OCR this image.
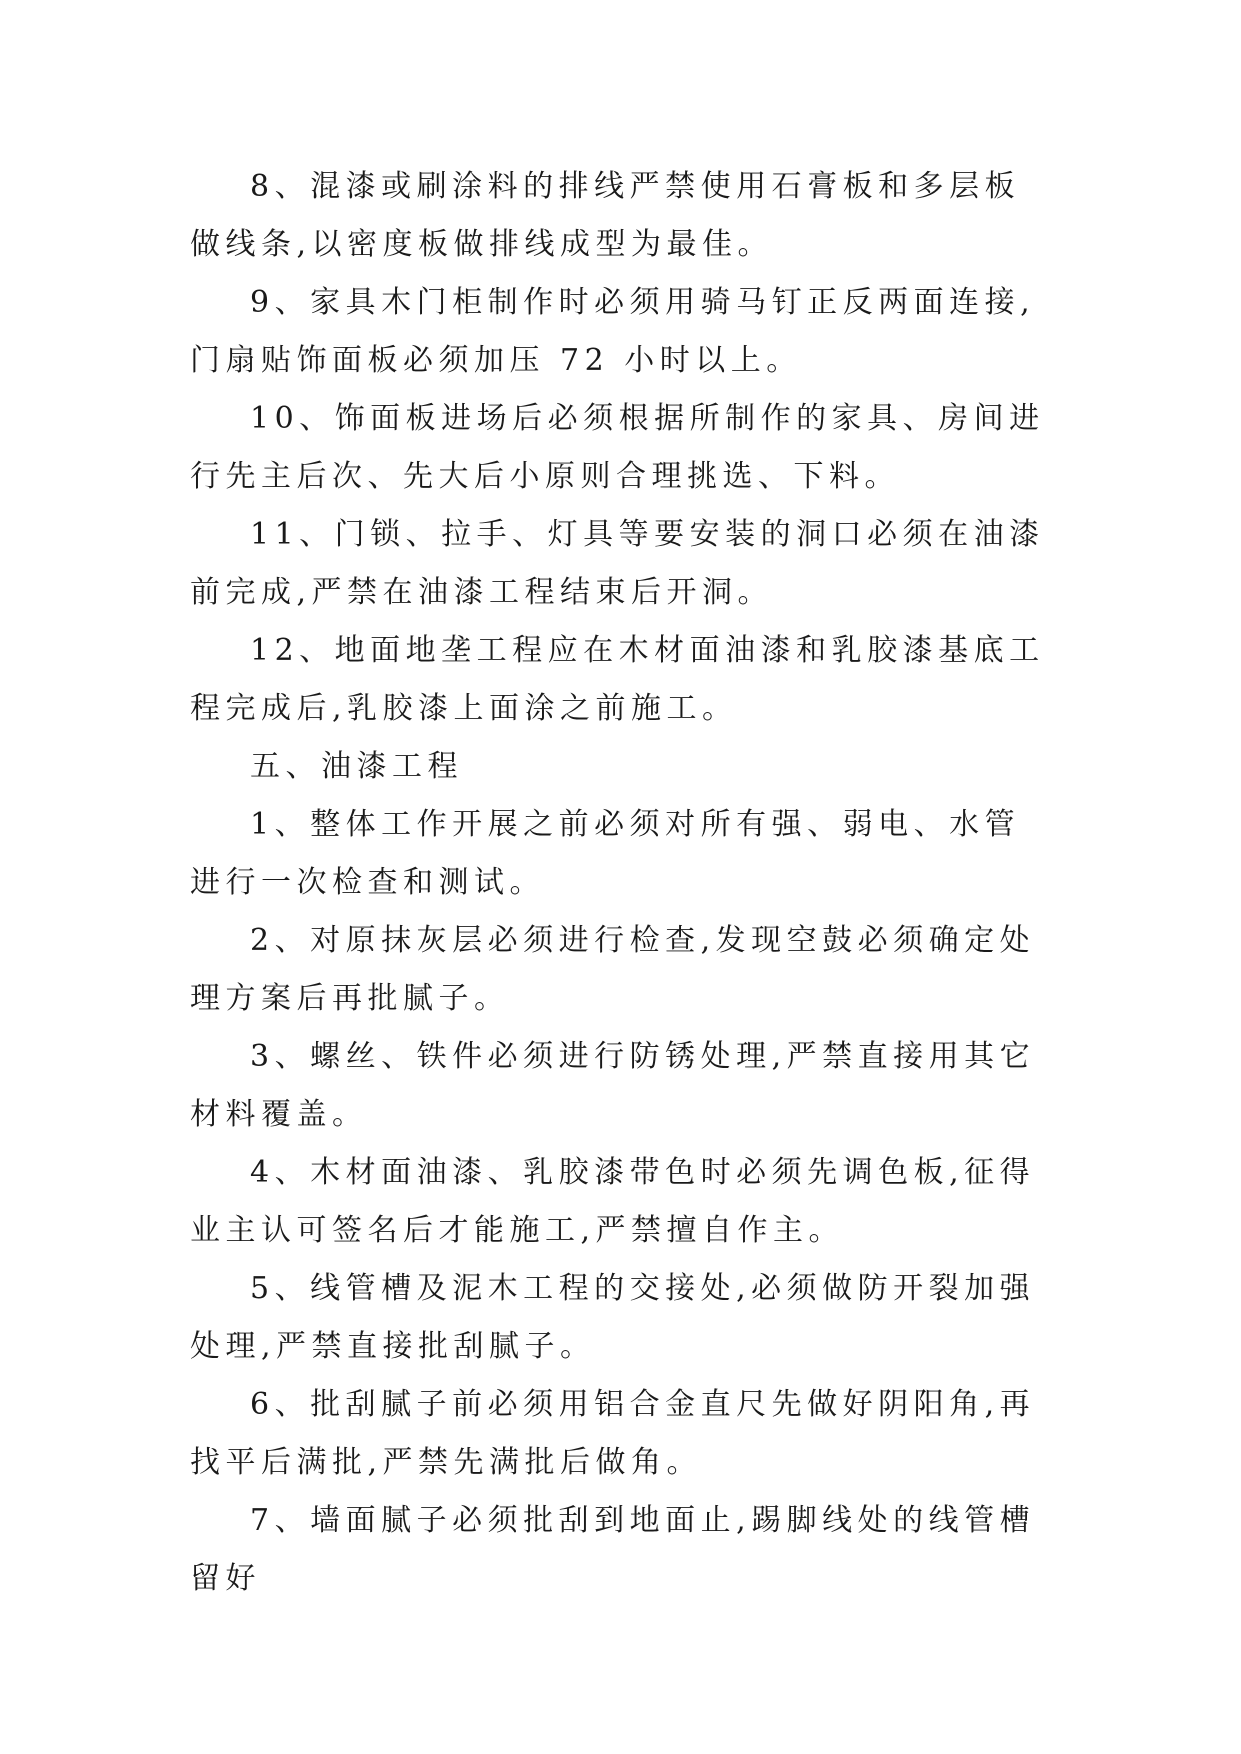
8、混漆或刷涂料的排线严禁使用石膏板和多层板做线条,以密度板做排线成型为最佳。

9、家具木门柜制作时必须用骑马钉正反两面连接,门扇贴饰面板必须加压 72 小时以上。

10、饰面板进场后必须根据所制作的家具、房间进行先主后次、先大后小原则合理挑选、下料。

11、门锁、拉手、灯具等要安装的洞口必须在油漆前完成,严禁在油漆工程结束后开洞。

12、地面地垄工程应在木材面油漆和乳胶漆基底工程完成后,乳胶漆上面涂之前施工。

五、油漆工程

1、整体工作开展之前必须对所有强、弱电、水管进行一次检查和测试。

2、对原抹灰层必须进行检查,发现空鼓必须确定处理方案后再批腻子。

3、螺丝、铁件必须进行防锈处理,严禁直接用其它材料覆盖。

4、木材面油漆、乳胶漆带色时必须先调色板,征得业主认可签名后才能施工,严禁擅自作主。

5、线管槽及泥木工程的交接处,必须做防开裂加强处理,严禁直接批刮腻子。

6、批刮腻子前必须用铝合金直尺先做好阴阳角,再找平后满批,严禁先满批后做角。

7、墙面腻子必须批刮到地面止,踢脚线处的线管槽留好
